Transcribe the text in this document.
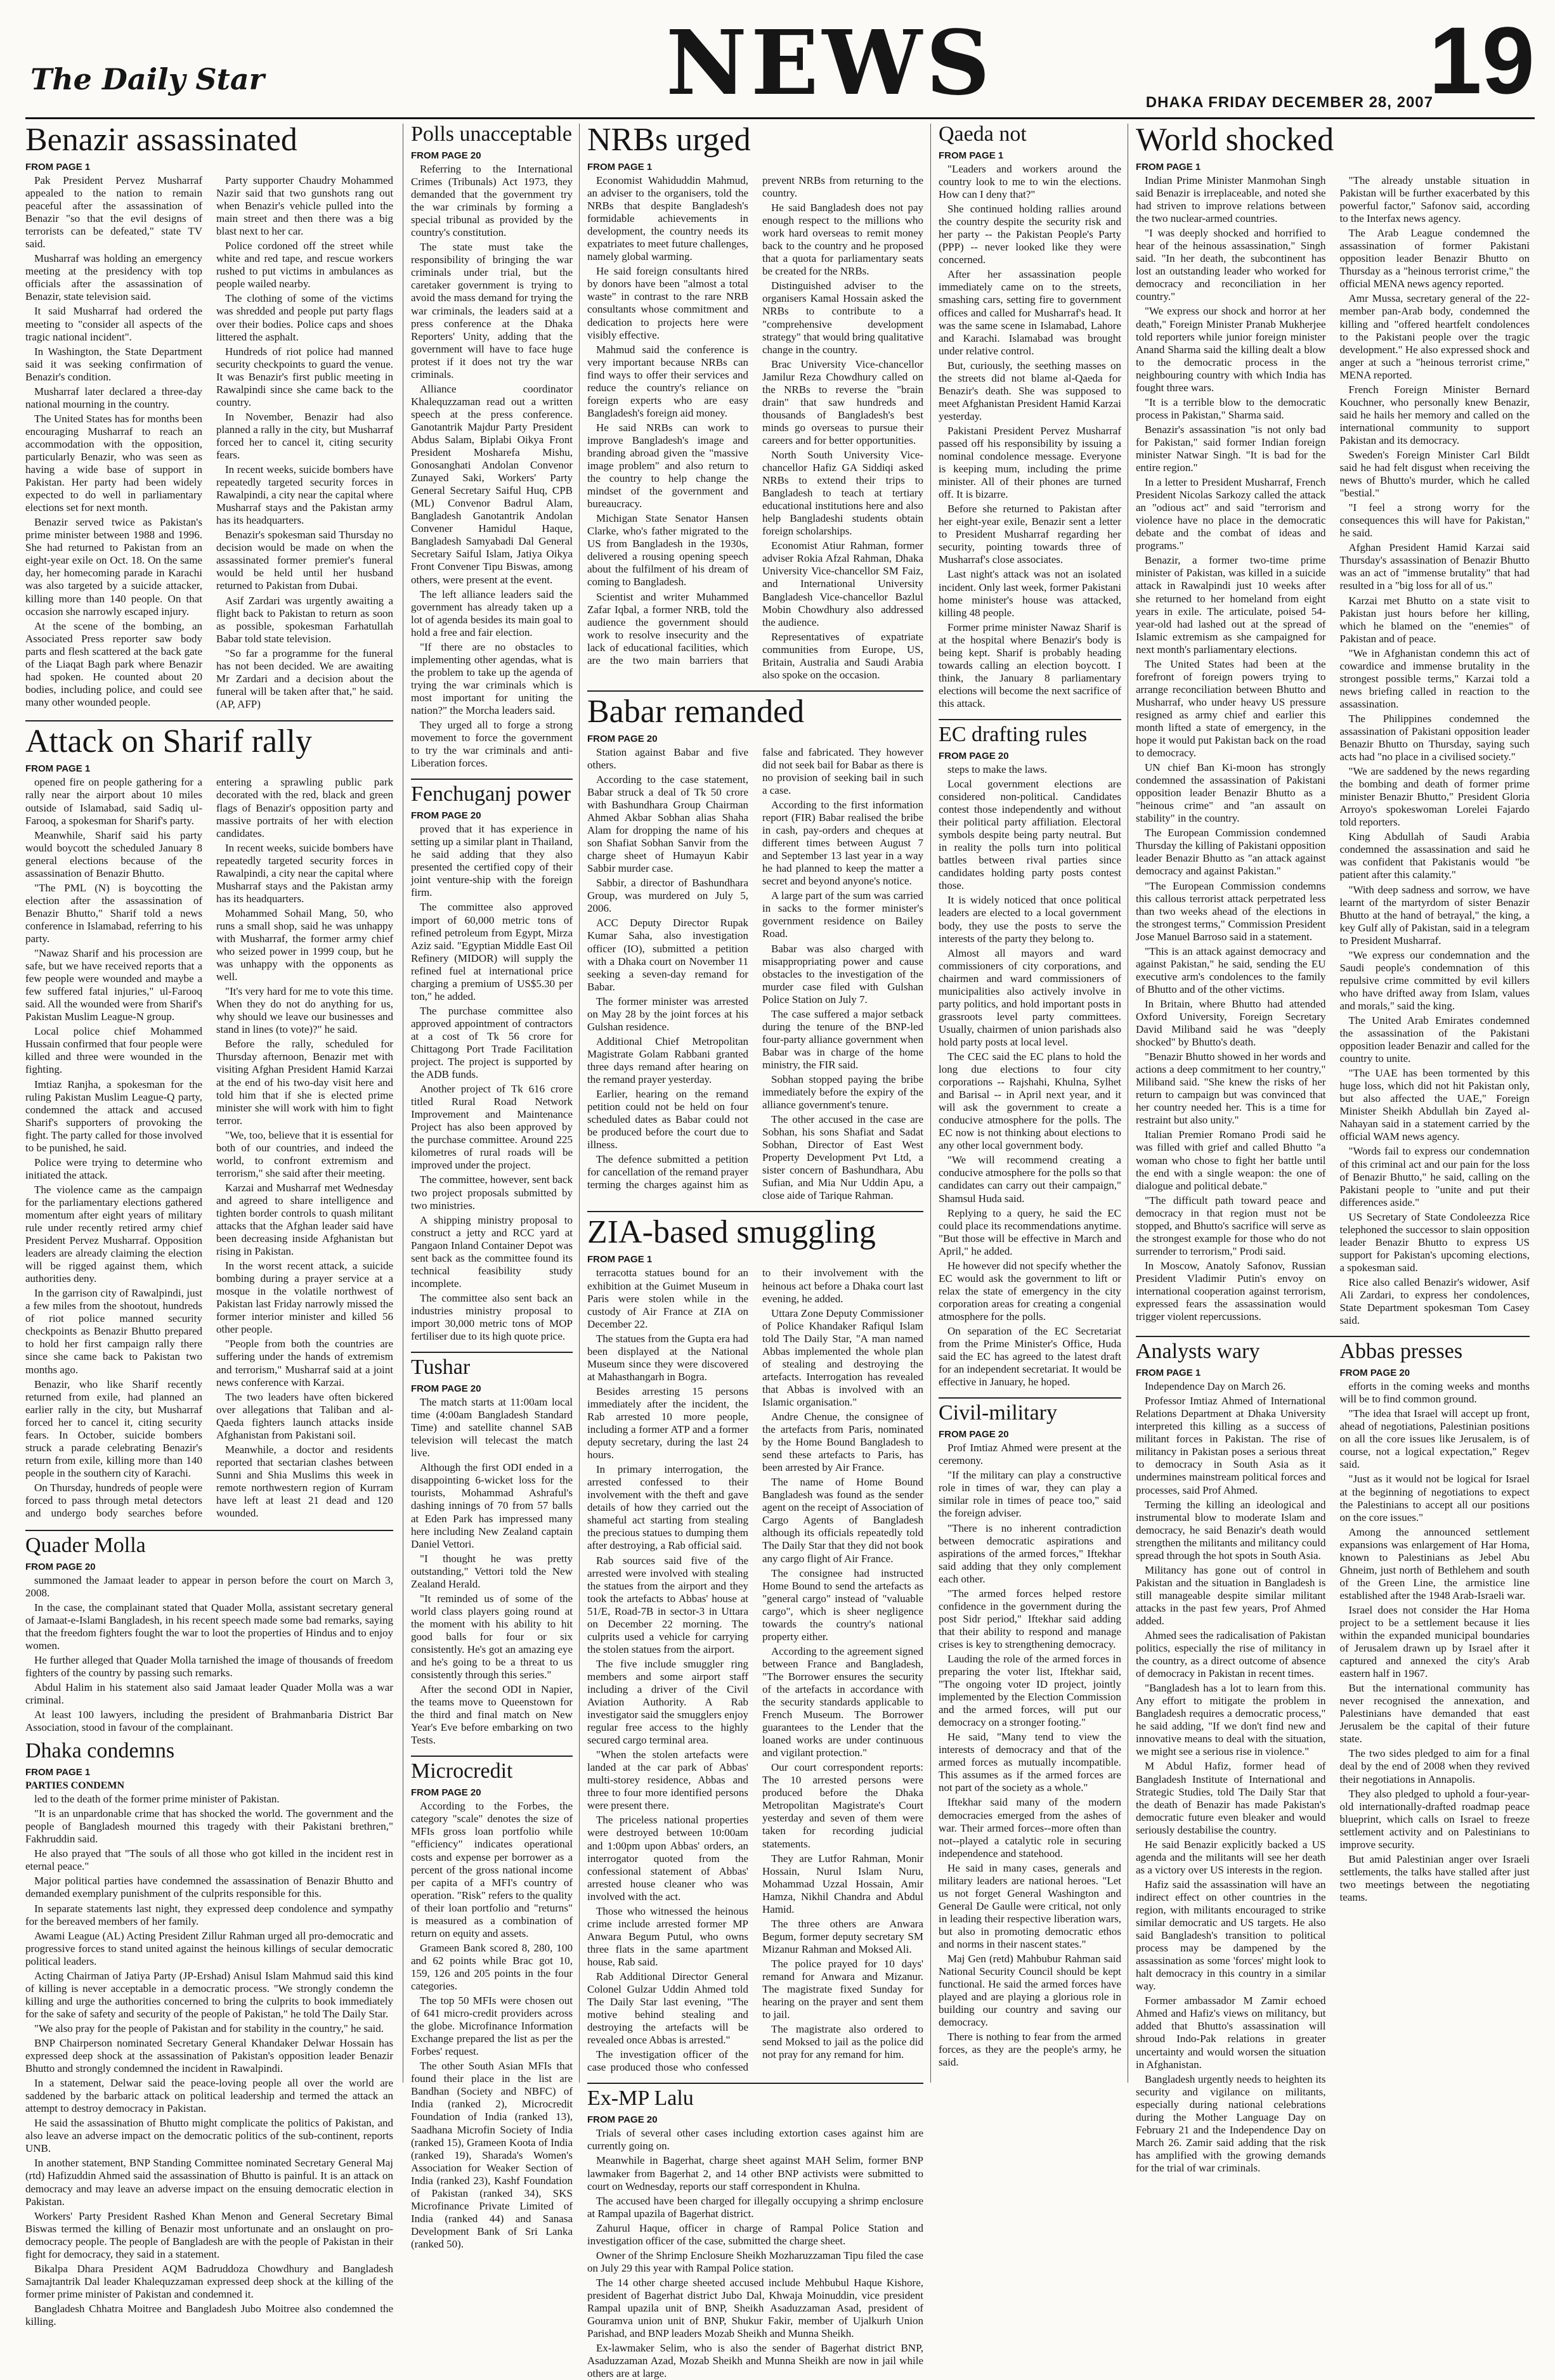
The Daily Star	NEWS	DHAKA FRIDAY DECEMBER 28, 2007
19
Benazir assassinated
FROM PAGE 1

Pak President Pervez Musharraf appealed to the nation to remain peaceful after the assassination of Benazir "so that the evil designs of terrorists can be defeated," state TV said.

Musharraf was holding an emergency meeting at the presidency with top officials after the assassination of Benazir, state television said.

It said Musharraf had ordered the meeting to "consider all aspects of the tragic national incident".

In Washington, the State Department said it was seeking confirmation of Benazir's condition.

Musharraf later declared a three-day national mourning in the country.

The United States has for months been encouraging Musharraf to reach an accommodation with the opposition, particularly Benazir, who was seen as having a wide base of support in Pakistan. Her party had been widely expected to do well in parliamentary elections set for next month.

Benazir served twice as Pakistan's prime minister between 1988 and 1996. She had returned to Pakistan from an eight-year exile on Oct. 18. On the same day, her homecoming parade in Karachi was also targeted by a suicide attacker, killing more than 140 people. On that occasion she narrowly escaped injury.

At the scene of the bombing, an Associated Press reporter saw body parts and flesh scattered at the back gate of the Liaqat Bagh park where Benazir had spoken. He counted about 20 bodies, including police, and could see many other wounded people.

Party supporter Chaudry Mohammed Nazir said that two gunshots rang out when Benazir's vehicle pulled into the main street and then there was a big blast next to her car.

Police cordoned off the street while white and red tape, and rescue workers rushed to put victims in ambulances as people wailed nearby.

The clothing of some of the victims was shredded and people put party flags over their bodies. Police caps and shoes littered the asphalt.

Hundreds of riot police had manned security checkpoints to guard the venue. It was Benazir's first public meeting in Rawalpindi since she came back to the country.

In November, Benazir had also planned a rally in the city, but Musharraf forced her to cancel it, citing security fears.

In recent weeks, suicide bombers have repeatedly targeted security forces in Rawalpindi, a city near the capital where Musharraf stays and the Pakistan army has its headquarters.

Benazir's spokesman said Thursday no decision would be made on when the assassinated former premier's funeral would be held until her husband returned to Pakistan from Dubai.

Asif Zardari was urgently awaiting a flight back to Pakistan to return as soon as possible, spokesman Farhatullah Babar told state television.

"So far a programme for the funeral has not been decided. We are awaiting Mr Zardari and a decision about the funeral will be taken after that," he said. (AP, AFP)

Attack on Sharif rally
FROM PAGE 1

opened fire on people gathering for a rally near the airport about 10 miles outside of Islamabad, said Sadiq ul-Farooq, a spokesman for Sharif's party.

Meanwhile, Sharif said his party would boycott the scheduled January 8 general elections because of the assassination of Benazir Bhutto.

"The PML (N) is boycotting the election after the assassination of Benazir Bhutto," Sharif told a news conference in Islamabad, referring to his party.

"Nawaz Sharif and his procession are safe, but we have received reports that a few people were wounded and maybe a few suffered fatal injuries," ul-Farooq said. All the wounded were from Sharif's Pakistan Muslim League-N group.

Local police chief Mohammed Hussain confirmed that four people were killed and three were wounded in the fighting.

Imtiaz Ranjha, a spokesman for the ruling Pakistan Muslim League-Q party, condemned the attack and accused Sharif's supporters of provoking the fight. The party called for those involved to be punished, he said.

Police were trying to determine who initiated the attack.

The violence came as the campaign for the parliamentary elections gathered momentum after eight years of military rule under recently retired army chief President Pervez Musharraf. Opposition leaders are already claiming the election will be rigged against them, which authorities deny.

In the garrison city of Rawalpindi, just a few miles from the shootout, hundreds of riot police manned security checkpoints as Benazir Bhutto prepared to hold her first campaign rally there since she came back to Pakistan two months ago.

Benazir, who like Sharif recently returned from exile, had planned an earlier rally in the city, but Musharraf forced her to cancel it, citing security fears. In October, suicide bombers struck a parade celebrating Benazir's return from exile, killing more than 140 people in the southern city of Karachi.

On Thursday, hundreds of people were forced to pass through metal detectors and undergo body searches before entering a sprawling public park decorated with the red, black and green flags of Benazir's opposition party and massive portraits of her with election candidates.

In recent weeks, suicide bombers have repeatedly targeted security forces in Rawalpindi, a city near the capital where Musharraf stays and the Pakistan army has its headquarters.

Mohammed Sohail Mang, 50, who runs a small shop, said he was unhappy with Musharraf, the former army chief who seized power in 1999 coup, but he was unhappy with the opponents as well.

"It's very hard for me to vote this time. When they do not do anything for us, why should we leave our businesses and stand in lines (to vote)?" he said.

Before the rally, scheduled for Thursday afternoon, Benazir met with visiting Afghan President Hamid Karzai at the end of his two-day visit here and told him that if she is elected prime minister she will work with him to fight terror.

"We, too, believe that it is essential for both of our countries, and indeed the world, to confront extremism and terrorism," she said after their meeting.

Karzai and Musharraf met Wednesday and agreed to share intelligence and tighten border controls to quash militant attacks that the Afghan leader said have been decreasing inside Afghanistan but rising in Pakistan.

In the worst recent attack, a suicide bombing during a prayer service at a mosque in the volatile northwest of Pakistan last Friday narrowly missed the former interior minister and killed 56 other people.

"People from both the countries are suffering under the hands of extremism and terrorism," Musharraf said at a joint news conference with Karzai.

The two leaders have often bickered over allegations that Taliban and al-Qaeda fighters launch attacks inside Afghanistan from Pakistani soil.

Meanwhile, a doctor and residents reported that sectarian clashes between Sunni and Shia Muslims this week in remote northwestern region of Kurram have left at least 21 dead and 120 wounded.

Quader Molla
FROM PAGE 20

summoned the Jamaat leader to appear in person before the court on March 3, 2008.

In the case, the complainant stated that Quader Molla, assistant secretary general of Jamaat-e-Islami Bangladesh, in his recent speech made some bad remarks, saying that the freedom fighters fought the war to loot the properties of Hindus and to enjoy women.

He further alleged that Quader Molla tarnished the image of thousands of freedom fighters of the country by passing such remarks.

Abdul Halim in his statement also said Jamaat leader Quader Molla was a war criminal.

At least 100 lawyers, including the president of Brahmanbaria District Bar Association, stood in favour of the complainant.

Dhaka condemns
FROM PAGE 1
PARTIES CONDEMN

led to the death of the former prime minister of Pakistan.

"It is an unpardonable crime that has shocked the world. The government and the people of Bangladesh mourned this tragedy with their Pakistani brethren," Fakhruddin said.

He also prayed that "The souls of all those who got killed in the incident rest in eternal peace."

Major political parties have condemned the assassination of Benazir Bhutto and demanded exemplary punishment of the culprits responsible for this.

In separate statements last night, they expressed deep condolence and sympathy for the bereaved members of her family.

Awami League (AL) Acting President Zillur Rahman urged all pro-democratic and progressive forces to stand united against the heinous killings of secular democratic political leaders.

Acting Chairman of Jatiya Party (JP-Ershad) Anisul Islam Mahmud said this kind of killing is never acceptable in a democratic process. "We strongly condemn the killing and urge the authorities concerned to bring the culprits to book immediately for the sake of safety and security of the people of Pakistan," he told The Daily Star.

"We also pray for the people of Pakistan and for stability in the country," he said.

BNP Chairperson nominated Secretary General Khandaker Delwar Hossain has expressed deep shock at the assassination of Pakistan's opposition leader Benazir Bhutto and strongly condemned the incident in Rawalpindi.

In a statement, Delwar said the peace-loving people all over the world are saddened by the barbaric attack on political leadership and termed the attack an attempt to destroy democracy in Pakistan.

He said the assassination of Bhutto might complicate the politics of Pakistan, and also leave an adverse impact on the democratic politics of the sub-continent, reports UNB.

In another statement, BNP Standing Committee nominated Secretary General Maj (rtd) Hafizuddin Ahmed said the assassination of Bhutto is painful. It is an attack on democracy and may leave an adverse impact on the ensuing democratic election in Pakistan.

Workers' Party President Rashed Khan Menon and General Secretary Bimal Biswas termed the killing of Benazir most unfortunate and an onslaught on pro-democracy people. The people of Bangladesh are with the people of Pakistan in their fight for democracy, they said in a statement.

Bikalpa Dhara President AQM Badruddoza Chowdhury and Bangladesh Samajtantrik Dal leader Khalequzzaman expressed deep shock at the killing of the former prime minister of Pakistan and condemned it.

Bangladesh Chhatra Moitree and Bangladesh Jubo Moitree also condemned the killing.

Polls unacceptable
FROM PAGE 20

Referring to the International Crimes (Tribunals) Act 1973, they demanded that the government try the war criminals by forming a special tribunal as provided by the country's constitution.

The state must take the responsibility of bringing the war criminals under trial, but the caretaker government is trying to avoid the mass demand for trying the war criminals, the leaders said at a press conference at the Dhaka Reporters' Unity, adding that the government will have to face huge protest if it does not try the war criminals.

Alliance coordinator Khalequzzaman read out a written speech at the press conference. Ganotantrik Majdur Party President Abdus Salam, Biplabi Oikya Front President Mosharefa Mishu, Gonosanghati Andolan Convenor Zunayed Saki, Workers' Party General Secretary Saiful Huq, CPB (ML) Convenor Badrul Alam, Bangladesh Ganotantrik Andolan Convener Hamidul Haque, Bangladesh Samyabadi Dal General Secretary Saiful Islam, Jatiya Oikya Front Convener Tipu Biswas, among others, were present at the event.

The left alliance leaders said the government has already taken up a lot of agenda besides its main goal to hold a free and fair election.

"If there are no obstacles to implementing other agendas, what is the problem to take up the agenda of trying the war criminals which is most important for uniting the nation?" the Morcha leaders said.

They urged all to forge a strong movement to force the government to try the war criminals and anti-Liberation forces.

Fenchuganj power
FROM PAGE 20

proved that it has experience in setting up a similar plant in Thailand, he said adding that they also presented the certified copy of their joint venture-ship with the foreign firm.

The committee also approved import of 60,000 metric tons of refined petroleum from Egypt, Mirza Aziz said. "Egyptian Middle East Oil Refinery (MIDOR) will supply the refined fuel at international price charging a premium of US$5.30 per ton," he added.

The purchase committee also approved appointment of contractors at a cost of Tk 56 crore for Chittagong Port Trade Facilitation project. The project is supported by the ADB funds.

Another project of Tk 616 crore titled Rural Road Network Improvement and Maintenance Project has also been approved by the purchase committee. Around 225 kilometres of rural roads will be improved under the project.

The committee, however, sent back two project proposals submitted by two ministries.

A shipping ministry proposal to construct a jetty and RCC yard at Pangaon Inland Container Depot was sent back as the committee found its technical feasibility study incomplete.

The committee also sent back an industries ministry proposal to import 30,000 metric tons of MOP fertiliser due to its high quote price.

Tushar
FROM PAGE 20

The match starts at 11:00am local time (4:00am Bangladesh Standard Time) and satellite channel SAB television will telecast the match live.

Although the first ODI ended in a disappointing 6-wicket loss for the tourists, Mohammad Ashraful's dashing innings of 70 from 57 balls at Eden Park has impressed many here including New Zealand captain Daniel Vettori.

"I thought he was pretty outstanding," Vettori told the New Zealand Herald.

"It reminded us of some of the world class players going round at the moment with his ability to hit good balls for four or six consistently. He's got an amazing eye and he's going to be a threat to us consistently through this series."

After the second ODI in Napier, the teams move to Queenstown for the third and final match on New Year's Eve before embarking on two Tests.

Microcredit
FROM PAGE 20

According to the Forbes, the category "scale" denotes the size of MFIs gross loan portfolio while "efficiency" indicates operational costs and expense per borrower as a percent of the gross national income per capita of a MFI's country of operation. "Risk" refers to the quality of their loan portfolio and "returns" is measured as a combination of return on equity and assets.

Grameen Bank scored 8, 280, 100 and 62 points while Brac got 10, 159, 126 and 205 points in the four categories.

The top 50 MFIs were chosen out of 641 micro-credit providers across the globe. Microfinance Information Exchange prepared the list as per the Forbes' request.

The other South Asian MFIs that found their place in the list are Bandhan (Society and NBFC) of India (ranked 2), Microcredit Foundation of India (ranked 13), Saadhana Microfin Society of India (ranked 15), Grameen Koota of India (ranked 19), Sharada's Women's Association for Weaker Section of India (ranked 23), Kashf Foundation of Pakistan (ranked 34), SKS Microfinance Private Limited of India (ranked 44) and Sanasa Development Bank of Sri Lanka (ranked 50).

NRBs urged
FROM PAGE 1

Economist Wahiduddin Mahmud, an adviser to the organisers, told the NRBs that despite Bangladesh's formidable achievements in development, the country needs its expatriates to meet future challenges, namely global warming.

He said foreign consultants hired by donors have been "almost a total waste" in contrast to the rare NRB consultants whose commitment and dedication to projects here were visibly effective.

Mahmud said the conference is very important because NRBs can find ways to offer their services and reduce the country's reliance on foreign experts who are easy Bangladesh's foreign aid money.

He said NRBs can work to improve Bangladesh's image and branding abroad given the "massive image problem" and also return to the country to help change the mindset of the government and bureaucracy.

Michigan State Senator Hansen Clarke, who's father migrated to the US from Bangladesh in the 1930s, delivered a rousing opening speech about the fulfilment of his dream of coming to Bangladesh.

Scientist and writer Muhammed Zafar Iqbal, a former NRB, told the audience the government should work to resolve insecurity and the lack of educational facilities, which are the two main barriers that prevent NRBs from returning to the country.

He said Bangladesh does not pay enough respect to the millions who work hard overseas to remit money back to the country and he proposed that a quota for parliamentary seats be created for the NRBs.

Distinguished adviser to the organisers Kamal Hossain asked the NRBs to contribute to a "comprehensive development strategy" that would bring qualitative change in the country.

Brac University Vice-chancellor Jamilur Reza Chowdhury called on the NRBs to reverse the "brain drain" that saw hundreds and thousands of Bangladesh's best minds go overseas to pursue their careers and for better opportunities.

North South University Vice-chancellor Hafiz GA Siddiqi asked NRBs to extend their trips to Bangladesh to teach at tertiary educational institutions here and also help Bangladeshi students obtain foreign scholarships.

Economist Atiur Rahman, former adviser Rokia Afzal Rahman, Dhaka University Vice-chancellor SM Faiz, and International University Bangladesh Vice-chancellor Bazlul Mobin Chowdhury also addressed the audience.

Representatives of expatriate communities from Europe, US, Britain, Australia and Saudi Arabia also spoke on the occasion.

Babar remanded
FROM PAGE 20

Station against Babar and five others.

According to the case statement, Babar struck a deal of Tk 50 crore with Bashundhara Group Chairman Ahmed Akbar Sobhan alias Shaha Alam for dropping the name of his son Shafiat Sobhan Sanvir from the charge sheet of Humayun Kabir Sabbir murder case.

Sabbir, a director of Bashundhara Group, was murdered on July 5, 2006.

ACC Deputy Director Rupak Kumar Saha, also investigation officer (IO), submitted a petition with a Dhaka court on November 11 seeking a seven-day remand for Babar.

The former minister was arrested on May 28 by the joint forces at his Gulshan residence.

Additional Chief Metropolitan Magistrate Golam Rabbani granted three days remand after hearing on the remand prayer yesterday.

Earlier, hearing on the remand petition could not be held on four scheduled dates as Babar could not be produced before the court due to illness.

The defence submitted a petition for cancellation of the remand prayer terming the charges against him as false and fabricated. They however did not seek bail for Babar as there is no provision of seeking bail in such a case.

According to the first information report (FIR) Babar realised the bribe in cash, pay-orders and cheques at different times between August 7 and September 13 last year in a way he had planned to keep the matter a secret and beyond anyone's notice.

A large part of the sum was carried in sacks to the former minister's government residence on Bailey Road.

Babar was also charged with misappropriating power and cause obstacles to the investigation of the murder case filed with Gulshan Police Station on July 7.

The case suffered a major setback during the tenure of the BNP-led four-party alliance government when Babar was in charge of the home ministry, the FIR said.

Sobhan stopped paying the bribe immediately before the expiry of the alliance government's tenure.

The other accused in the case are Sobhan, his sons Shafiat and Sadat Sobhan, Director of East West Property Development Pvt Ltd, a sister concern of Bashundhara, Abu Sufian, and Mia Nur Uddin Apu, a close aide of Tarique Rahman.

ZIA-based smuggling
FROM PAGE 1

terracotta statues bound for an exhibition at the Guimet Museum in Paris were stolen while in the custody of Air France at ZIA on December 22.

The statues from the Gupta era had been displayed at the National Museum since they were discovered at Mahasthangarh in Bogra.

Besides arresting 15 persons immediately after the incident, the Rab arrested 10 more people, including a former ATP and a former deputy secretary, during the last 24 hours.

In primary interrogation, the arrested confessed to their involvement with the theft and gave details of how they carried out the shameful act starting from stealing the precious statues to dumping them after destroying, a Rab official said.

Rab sources said five of the arrested were involved with stealing the statues from the airport and they took the artefacts to Abbas' house at 51/E, Road-7B in sector-3 in Uttara on December 22 morning. The culprits used a vehicle for carrying the stolen statues from the airport.

The five include smuggler ring members and some airport staff including a driver of the Civil Aviation Authority. A Rab investigator said the smugglers enjoy regular free access to the highly secured cargo terminal area.

"When the stolen artefacts were landed at the car park of Abbas' multi-storey residence, Abbas and three to four more identified persons were present there.

The priceless national properties were destroyed between 10:00am and 1:00pm upon Abbas' orders, an interrogator quoted from the confessional statement of Abbas' arrested house cleaner who was involved with the act.

Those who witnessed the heinous crime include arrested former MP Anwara Begum Putul, who owns three flats in the same apartment house, Rab said.

Rab Additional Director General Colonel Gulzar Uddin Ahmed told The Daily Star last evening, "The motive behind stealing and destroying the artefacts will be revealed once Abbas is arrested."

The investigation officer of the case produced those who confessed to their involvement with the heinous act before a Dhaka court last evening, he added.

Uttara Zone Deputy Commissioner of Police Khandaker Rafiqul Islam told The Daily Star, "A man named Abbas implemented the whole plan of stealing and destroying the artefacts. Interrogation has revealed that Abbas is involved with an Islamic organisation."

Andre Chenue, the consignee of the artefacts from Paris, nominated by the Home Bound Bangladesh to send these artefacts to Paris, has been arrested by Air France.

The name of Home Bound Bangladesh was found as the sender agent on the receipt of Association of Cargo Agents of Bangladesh although its officials repeatedly told The Daily Star that they did not book any cargo flight of Air France.

The consignee had instructed Home Bound to send the artefacts as "general cargo" instead of "valuable cargo", which is sheer negligence towards the country's national property either.

According to the agreement signed between France and Bangladesh, "The Borrower ensures the security of the artefacts in accordance with the security standards applicable to French Museum. The Borrower guarantees to the Lender that the loaned works are under continuous and vigilant protection."

Our court correspondent reports: The 10 arrested persons were produced before the Dhaka Metropolitan Magistrate's Court yesterday and seven of them were taken for recording judicial statements.

They are Lutfor Rahman, Monir Hossain, Nurul Islam Nuru, Mohammad Uzzal Hossain, Amir Hamza, Nikhil Chandra and Abdul Hamid.

The three others are Anwara Begum, former deputy secretary SM Mizanur Rahman and Moksed Ali.

The police prayed for 10 days' remand for Anwara and Mizanur. The magistrate fixed Sunday for hearing on the prayer and sent them to jail.

The magistrate also ordered to send Moksed to jail as the police did not pray for any remand for him.

Ex-MP Lalu
FROM PAGE 20

Trials of several other cases including extortion cases against him are currently going on.

Meanwhile in Bagerhat, charge sheet against MAH Selim, former BNP lawmaker from Bagerhat 2, and 14 other BNP activists were submitted to court on Wednesday, reports our staff correspondent in Khulna.

The accused have been charged for illegally occupying a shrimp enclosure at Rampal upazila of Bagerhat district.

Zahurul Haque, officer in charge of Rampal Police Station and investigation officer of the case, submitted the charge sheet.

Owner of the Shrimp Enclosure Sheikh Mozharuzzaman Tipu filed the case on July 29 this year with Rampal Police station.

The 14 other charge sheeted accused include Mehbubul Haque Kishore, president of Bagerhat district Jubo Dal, Khwaja Moinuddin, vice president Rampal upazila unit of BNP, Sheikh Asaduzzaman Asad, president of Gouramva union unit of BNP, Shukur Fakir, member of Ujalkurh Union Parishad, and BNP leaders Mozab Sheikh and Munna Sheikh.

Ex-lawmaker Selim, who is also the sender of Bagerhat district BNP, Asaduzzaman Azad, Mozab Sheikh and Munna Sheikh are now in jail while others are at large.

Qaeda not
FROM PAGE 1

"Leaders and workers around the country look to me to win the elections. How can I deny that?"

She continued holding rallies around the country despite the security risk and her party -- the Pakistan People's Party (PPP) -- never looked like they were concerned.

After her assassination people immediately came on to the streets, smashing cars, setting fire to government offices and called for Musharraf's head. It was the same scene in Islamabad, Lahore and Karachi. Islamabad was brought under relative control.

But, curiously, the seething masses on the streets did not blame al-Qaeda for Benazir's death. She was supposed to meet Afghanistan President Hamid Karzai yesterday.

Pakistani President Pervez Musharraf passed off his responsibility by issuing a nominal condolence message. Everyone is keeping mum, including the prime minister. All of their phones are turned off. It is bizarre.

Before she returned to Pakistan after her eight-year exile, Benazir sent a letter to President Musharraf regarding her security, pointing towards three of Musharraf's close associates.

Last night's attack was not an isolated incident. Only last week, former Pakistani home minister's house was attacked, killing 48 people.

Former prime minister Nawaz Sharif is at the hospital where Benazir's body is being kept. Sharif is probably heading towards calling an election boycott. I think, the January 8 parliamentary elections will become the next sacrifice of this attack.

EC drafting rules
FROM PAGE 20

steps to make the laws.

Local government elections are considered non-political. Candidates contest those independently and without their political party affiliation. Electoral symbols despite being party neutral. But in reality the polls turn into political battles between rival parties since candidates holding party posts contest those.

It is widely noticed that once political leaders are elected to a local government body, they use the posts to serve the interests of the party they belong to.

Almost all mayors and ward commissioners of city corporations, and chairmen and ward commissioners of municipalities also actively involve in party politics, and hold important posts in grassroots level party committees. Usually, chairmen of union parishads also hold party posts at local level.

The CEC said the EC plans to hold the long due elections to four city corporations -- Rajshahi, Khulna, Sylhet and Barisal -- in April next year, and it will ask the government to create a conducive atmosphere for the polls. The EC now is not thinking about elections to any other local government body.

"We will recommend creating a conducive atmosphere for the polls so that candidates can carry out their campaign," Shamsul Huda said.

Replying to a query, he said the EC could place its recommendations anytime. "But those will be effective in March and April," he added.

He however did not specify whether the EC would ask the government to lift or relax the state of emergency in the city corporation areas for creating a congenial atmosphere for the polls.

On separation of the EC Secretariat from the Prime Minister's Office, Huda said the EC has agreed to the latest draft for an independent secretariat. It would be effective in January, he hoped.

Civil-military
FROM PAGE 20

Prof Imtiaz Ahmed were present at the ceremony.

"If the military can play a constructive role in times of war, they can play a similar role in times of peace too," said the foreign adviser.

"There is no inherent contradiction between democratic aspirations and aspirations of the armed forces," Iftekhar said adding that they only complement each other.

"The armed forces helped restore confidence in the government during the post Sidr period," Iftekhar said adding that their ability to respond and manage crises is key to strengthening democracy.

Lauding the role of the armed forces in preparing the voter list, Iftekhar said, "The ongoing voter ID project, jointly implemented by the Election Commission and the armed forces, will put our democracy on a stronger footing."

He said, "Many tend to view the interests of democracy and that of the armed forces as mutually incompatible. This assumes as if the armed forces are not part of the society as a whole."

Iftekhar said many of the modern democracies emerged from the ashes of war. Their armed forces--more often than not--played a catalytic role in securing independence and statehood.

He said in many cases, generals and military leaders are national heroes. "Let us not forget General Washington and General De Gaulle were critical, not only in leading their respective liberation wars, but also in promoting democratic ethos and norms in their nascent states."

Maj Gen (retd) Mahbubur Rahman said National Security Council should be kept functional. He said the armed forces have played and are playing a glorious role in building our country and saving our democracy.

There is nothing to fear from the armed forces, as they are the people's army, he said.

World shocked
FROM PAGE 1

Indian Prime Minister Manmohan Singh said Benazir is irreplaceable, and noted she had striven to improve relations between the two nuclear-armed countries.

"I was deeply shocked and horrified to hear of the heinous assassination," Singh said. "In her death, the subcontinent has lost an outstanding leader who worked for democracy and reconciliation in her country."

"We express our shock and horror at her death," Foreign Minister Pranab Mukherjee told reporters while junior foreign minister Anand Sharma said the killing dealt a blow to the democratic process in the neighbouring country with which India has fought three wars.

"It is a terrible blow to the democratic process in Pakistan," Sharma said.

Benazir's assassination "is not only bad for Pakistan," said former Indian foreign minister Natwar Singh. "It is bad for the entire region."

In a letter to President Musharraf, French President Nicolas Sarkozy called the attack an "odious act" and said "terrorism and violence have no place in the democratic debate and the combat of ideas and programs."

Benazir, a former two-time prime minister of Pakistan, was killed in a suicide attack in Rawalpindi just 10 weeks after she returned to her homeland from eight years in exile. The articulate, poised 54-year-old had lashed out at the spread of Islamic extremism as she campaigned for next month's parliamentary elections.

The United States had been at the forefront of foreign powers trying to arrange reconciliation between Bhutto and Musharraf, who under heavy US pressure resigned as army chief and earlier this month lifted a state of emergency, in the hope it would put Pakistan back on the road to democracy.

UN chief Ban Ki-moon has strongly condemned the assassination of Pakistani opposition leader Benazir Bhutto as a "heinous crime" and "an assault on stability" in the country.

The European Commission condemned Thursday the killing of Pakistani opposition leader Benazir Bhutto as "an attack against democracy and against Pakistan."

"The European Commission condemns this callous terrorist attack perpetrated less than two weeks ahead of the elections in the strongest terms," Commission President Jose Manuel Barroso said in a statement.

"This is an attack against democracy and against Pakistan," he said, sending the EU executive arm's condolences to the family of Bhutto and of the other victims.

In Britain, where Bhutto had attended Oxford University, Foreign Secretary David Miliband said he was "deeply shocked" by Bhutto's death.

"Benazir Bhutto showed in her words and actions a deep commitment to her country," Miliband said. "She knew the risks of her return to campaign but was convinced that her country needed her. This is a time for restraint but also unity."

Italian Premier Romano Prodi said he was filled with grief and called Bhutto "a woman who chose to fight her battle until the end with a single weapon: the one of dialogue and political debate."

"The difficult path toward peace and democracy in that region must not be stopped, and Bhutto's sacrifice will serve as the strongest example for those who do not surrender to terrorism," Prodi said.

In Moscow, Anatoly Safonov, Russian President Vladimir Putin's envoy on international cooperation against terrorism, expressed fears the assassination would trigger violent repercussions.

"The already unstable situation in Pakistan will be further exacerbated by this powerful factor," Safonov said, according to the Interfax news agency.

The Arab League condemned the assassination of former Pakistani opposition leader Benazir Bhutto on Thursday as a "heinous terrorist crime," the official MENA news agency reported.

Amr Mussa, secretary general of the 22-member pan-Arab body, condemned the killing and "offered heartfelt condolences to the Pakistani people over the tragic development." He also expressed shock and anger at such a "heinous terrorist crime," MENA reported.

French Foreign Minister Bernard Kouchner, who personally knew Benazir, said he hails her memory and called on the international community to support Pakistan and its democracy.

Sweden's Foreign Minister Carl Bildt said he had felt disgust when receiving the news of Bhutto's murder, which he called "bestial."

"I feel a strong worry for the consequences this will have for Pakistan," he said.

Afghan President Hamid Karzai said Thursday's assassination of Benazir Bhutto was an act of "immense brutality" that had resulted in a "big loss for all of us."

Karzai met Bhutto on a state visit to Pakistan just hours before her killing, which he blamed on the "enemies" of Pakistan and of peace.

"We in Afghanistan condemn this act of cowardice and immense brutality in the strongest possible terms," Karzai told a news briefing called in reaction to the assassination.

The Philippines condemned the assassination of Pakistani opposition leader Benazir Bhutto on Thursday, saying such acts had "no place in a civilised society."

"We are saddened by the news regarding the bombing and death of former prime minister Benazir Bhutto," President Gloria Arroyo's spokeswoman Lorelei Fajardo told reporters.

King Abdullah of Saudi Arabia condemned the assassination and said he was confident that Pakistanis would "be patient after this calamity."

"With deep sadness and sorrow, we have learnt of the martyrdom of sister Benazir Bhutto at the hand of betrayal," the king, a key Gulf ally of Pakistan, said in a telegram to President Musharraf.

"We express our condemnation and the Saudi people's condemnation of this repulsive crime committed by evil killers who have drifted away from Islam, values and morals," said the king.

The United Arab Emirates condemned the assassination of the Pakistani opposition leader Benazir and called for the country to unite.

"The UAE has been tormented by this huge loss, which did not hit Pakistan only, but also affected the UAE," Foreign Minister Sheikh Abdullah bin Zayed al-Nahayan said in a statement carried by the official WAM news agency.

"Words fail to express our condemnation of this criminal act and our pain for the loss of Benazir Bhutto," he said, calling on the Pakistani people to "unite and put their differences aside."

US Secretary of State Condoleezza Rice telephoned the successor to slain opposition leader Benazir Bhutto to express US support for Pakistan's upcoming elections, a spokesman said.

Rice also called Benazir's widower, Asif Ali Zardari, to express her condolences, State Department spokesman Tom Casey said.

Analysts wary
FROM PAGE 1

Independence Day on March 26.

Professor Imtiaz Ahmed of International Relations Department at Dhaka University interpreted this killing as a success of militant forces in Pakistan. The rise of militancy in Pakistan poses a serious threat to democracy in South Asia as it undermines mainstream political forces and processes, said Prof Ahmed.

Terming the killing an ideological and instrumental blow to moderate Islam and democracy, he said Benazir's death would strengthen the militants and militancy could spread through the hot spots in South Asia.

Militancy has gone out of control in Pakistan and the situation in Bangladesh is still manageable despite similar militant attacks in the past few years, Prof Ahmed added.

Ahmed sees the radicalisation of Pakistan politics, especially the rise of militancy in the country, as a direct outcome of absence of democracy in Pakistan in recent times.

"Bangladesh has a lot to learn from this. Any effort to mitigate the problem in Bangladesh requires a democratic process," he said adding, "If we don't find new and innovative means to deal with the situation, we might see a serious rise in violence."

M Abdul Hafiz, former head of Bangladesh Institute of International and Strategic Studies, told The Daily Star that the death of Benazir has made Pakistan's democratic future even bleaker and would seriously destabilise the country.

He said Benazir explicitly backed a US agenda and the militants will see her death as a victory over US interests in the region.

Hafiz said the assassination will have an indirect effect on other countries in the region, with militants encouraged to strike similar democratic and US targets. He also said Bangladesh's transition to political process may be dampened by the assassination as some 'forces' might look to halt democracy in this country in a similar way.

Former ambassador M Zamir echoed Ahmed and Hafiz's views on militancy, but added that Bhutto's assassination will shroud Indo-Pak relations in greater uncertainty and would worsen the situation in Afghanistan.

Bangladesh urgently needs to heighten its security and vigilance on militants, especially during national celebrations during the Mother Language Day on February 21 and the Independence Day on March 26. Zamir said adding that the risk has amplified with the growing demands for the trial of war criminals.

Abbas presses
FROM PAGE 20

efforts in the coming weeks and months will be to find common ground.

"The idea that Israel will accept up front, ahead of negotiations, Palestinian positions on all the core issues like Jerusalem, is of course, not a logical expectation," Regev said.

"Just as it would not be logical for Israel at the beginning of negotiations to expect the Palestinians to accept all our positions on the core issues."

Among the announced settlement expansions was enlargement of Har Homa, known to Palestinians as Jebel Abu Ghneim, just north of Bethlehem and south of the Green Line, the armistice line established after the 1948 Arab-Israeli war.

Israel does not consider the Har Homa project to be a settlement because it lies within the expanded municipal boundaries of Jerusalem drawn up by Israel after it captured and annexed the city's Arab eastern half in 1967.

But the international community has never recognised the annexation, and Palestinians have demanded that east Jerusalem be the capital of their future state.

The two sides pledged to aim for a final deal by the end of 2008 when they revived their negotiations in Annapolis.

They also pledged to uphold a four-year-old internationally-drafted roadmap peace blueprint, which calls on Israel to freeze settlement activity and on Palestinians to improve security.

But amid Palestinian anger over Israeli settlements, the talks have stalled after just two meetings between the negotiating teams.
